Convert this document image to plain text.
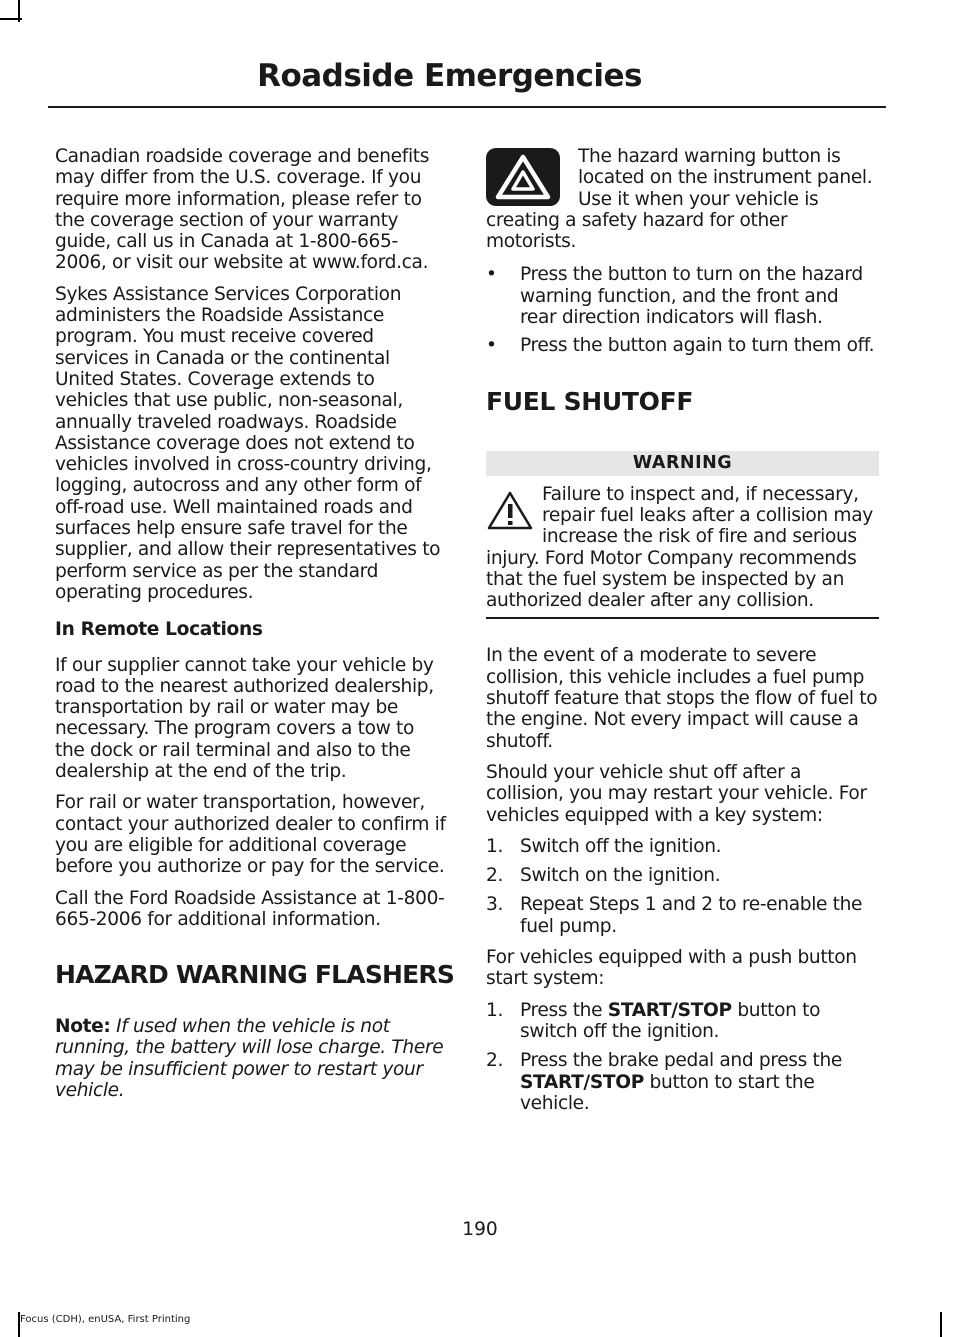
Roadside Emergencies

Canadian roadside coverage and benefits may differ from the U.S. coverage. If you require more information, please refer to the coverage section of your warranty guide, call us in Canada at 1-800-665-2006, or visit our website at www.ford.ca.

Sykes Assistance Services Corporation administers the Roadside Assistance program. You must receive covered services in Canada or the continental United States. Coverage extends to vehicles that use public, non-seasonal, annually traveled roadways. Roadside Assistance coverage does not extend to vehicles involved in cross-country driving, logging, autocross and any other form of off-road use. Well maintained roads and surfaces help ensure safe travel for the supplier, and allow their representatives to perform service as per the standard operating procedures.

In Remote Locations

If our supplier cannot take your vehicle by road to the nearest authorized dealership, transportation by rail or water may be necessary. The program covers a tow to the dock or rail terminal and also to the dealership at the end of the trip.

For rail or water transportation, however, contact your authorized dealer to confirm if you are eligible for additional coverage before you authorize or pay for the service.

Call the Ford Roadside Assistance at 1-800-665-2006 for additional information.

HAZARD WARNING FLASHERS

Note: If used when the vehicle is not running, the battery will lose charge. There may be insufficient power to restart your vehicle.

The hazard warning button is located on the instrument panel. Use it when your vehicle is creating a safety hazard for other motorists.

• Press the button to turn on the hazard warning function, and the front and rear direction indicators will flash.
• Press the button again to turn them off.
FUEL SHUTOFF
WARNING

Failure to inspect and, if necessary, repair fuel leaks after a collision may increase the risk of fire and serious injury. Ford Motor Company recommends that the fuel system be inspected by an authorized dealer after any collision.

In the event of a moderate to severe collision, this vehicle includes a fuel pump shutoff feature that stops the flow of fuel to the engine. Not every impact will cause a shutoff.

Should your vehicle shut off after a collision, you may restart your vehicle. For vehicles equipped with a key system:

1. Switch off the ignition.
2. Switch on the ignition.
3. Repeat Steps 1 and 2 to re-enable the fuel pump.

For vehicles equipped with a push button start system:

1. Press the START/STOP button to switch off the ignition.
2. Press the brake pedal and press the START/STOP button to start the vehicle.
190
Focus (CDH), enUSA, First Printing
